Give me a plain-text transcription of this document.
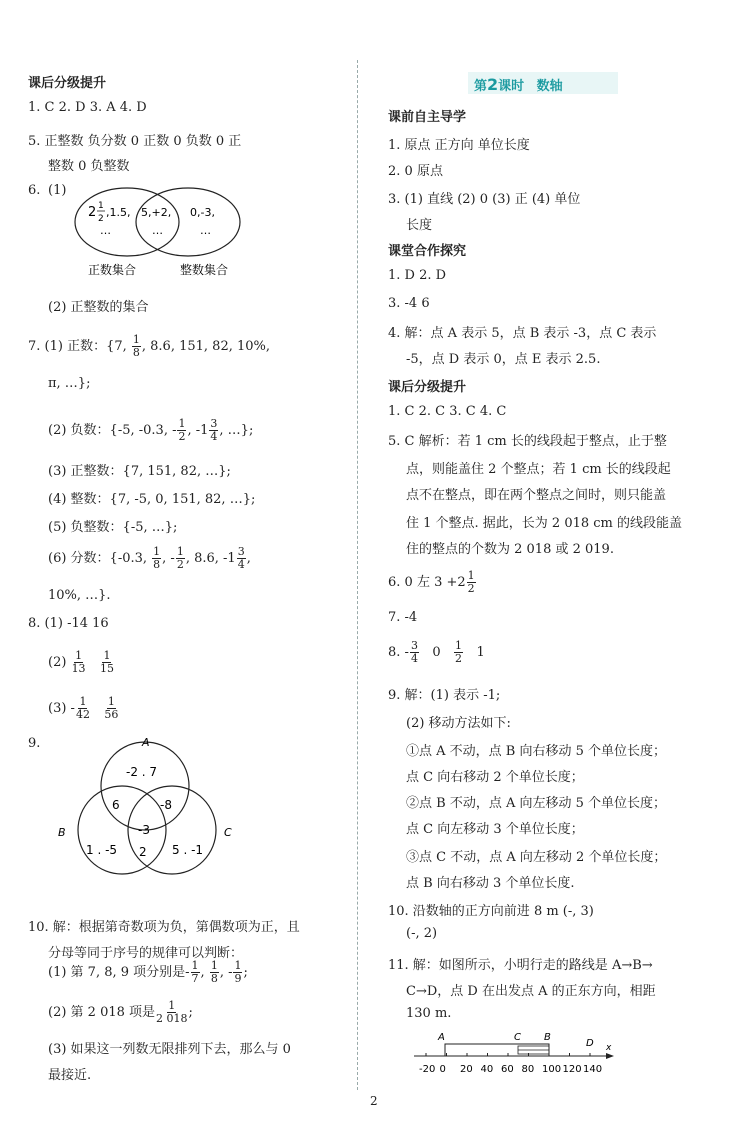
课后分级提升
1. C 2. D 3. A 4. D
5. 正整数 负分数 0 正数 0 负数 0 正
整数 0 负整数
6. (1)
2 1
2 ,1.5,
…
5,+2,
…
0,-3,
…
正数集合	整数集合
(2) 正整数的集合
7. (1) 正数：{7, $\frac{1}{8}$ , 8.6, 151, 82, 10%,
π, …};
(2) 负数：{-5, -0.3, - $\frac{1}{2}$ , $-1 \frac{3}{4}$ , …};
(3) 正整数：{7, 151, 82, …};
(4) 整数：{7, -5, 0, 151, 82, …};
(5) 负整数：{-5, …};
(6) 分数：{-0.3, $\frac{1}{8}$ , - $\frac{1}{2}$ , 8.6, $-1 \frac{3}{4}$ ,
10%, …}.
8. (1) -14 16
$(2) \frac{1}{13}$
$\frac{1}{15}$
$(3) - \frac{1}{42}$
$\frac{1}{56}$
9.	A
B	C
-2 . 7
6	-8
-3
2
1 . -5	5 . -1
10. 解：根据第奇数项为负，第偶数项为正，且
分母等同于序号的规律可以判断：
(1) 第 7, 8, 9 项分别是- $\frac{1}{7}$ , $\frac{1}{8}$ , - $\frac{1}{9}$ ;
(2) 第 2 018 项是 $\frac{1}{2 018}$ ;
(3) 如果这一列数无限排列下去，那么与 0
最接近.
第2课时 数轴
课前自主导学
1. 原点 正方向 单位长度
2. 0 原点
3. (1) 直线 (2) 0 (3) 正 (4) 单位
长度
课堂合作探究
1. D 2. D
3. -4 6
4. 解：点 A 表示 5，点 B 表示 -3，点 C 表示
-5，点 D 表示 0，点 E 表示 2.5.
课后分级提升
1. C 2. C 3. C 4. C
5. C 解析：若 1 cm 长的线段起于整点，止于整
点，则能盖住 2 个整点；若 1 cm 长的线段起
点不在整点，即在两个整点之间时，则只能盖
住 1 个整点. 据此，长为 2 018 cm 的线段能盖
住的整点的个数为 2 018 或 2 019.
6. 0 左 $3 +2 \frac{1}{2}$
7. -4
8. - $\frac{3}{4} 0 \frac{1}{2} 1$
9. 解：(1) 表示 -1;
(2) 移动方法如下:
①点 A 不动，点 B 向右移动 5 个单位长度；
点 C 向右移动 2 个单位长度；
②点 B 不动，点 A 向左移动 5 个单位长度；
点 C 向左移动 3 个单位长度；
③点 C 不动，点 A 向左移动 2 个单位长度；
点 B 向右移动 3 个单位长度.
10. 沿数轴的正方向前进 8 m (-, 3)
(-, 2)
11. 解：如图所示，小明行走的路线是 A→B→
C→D，点 D 在出发点 A 的正东方向，相距
130 m.
x
-20 0 20 40 60 80 100 120 140
A	C B
D
2
